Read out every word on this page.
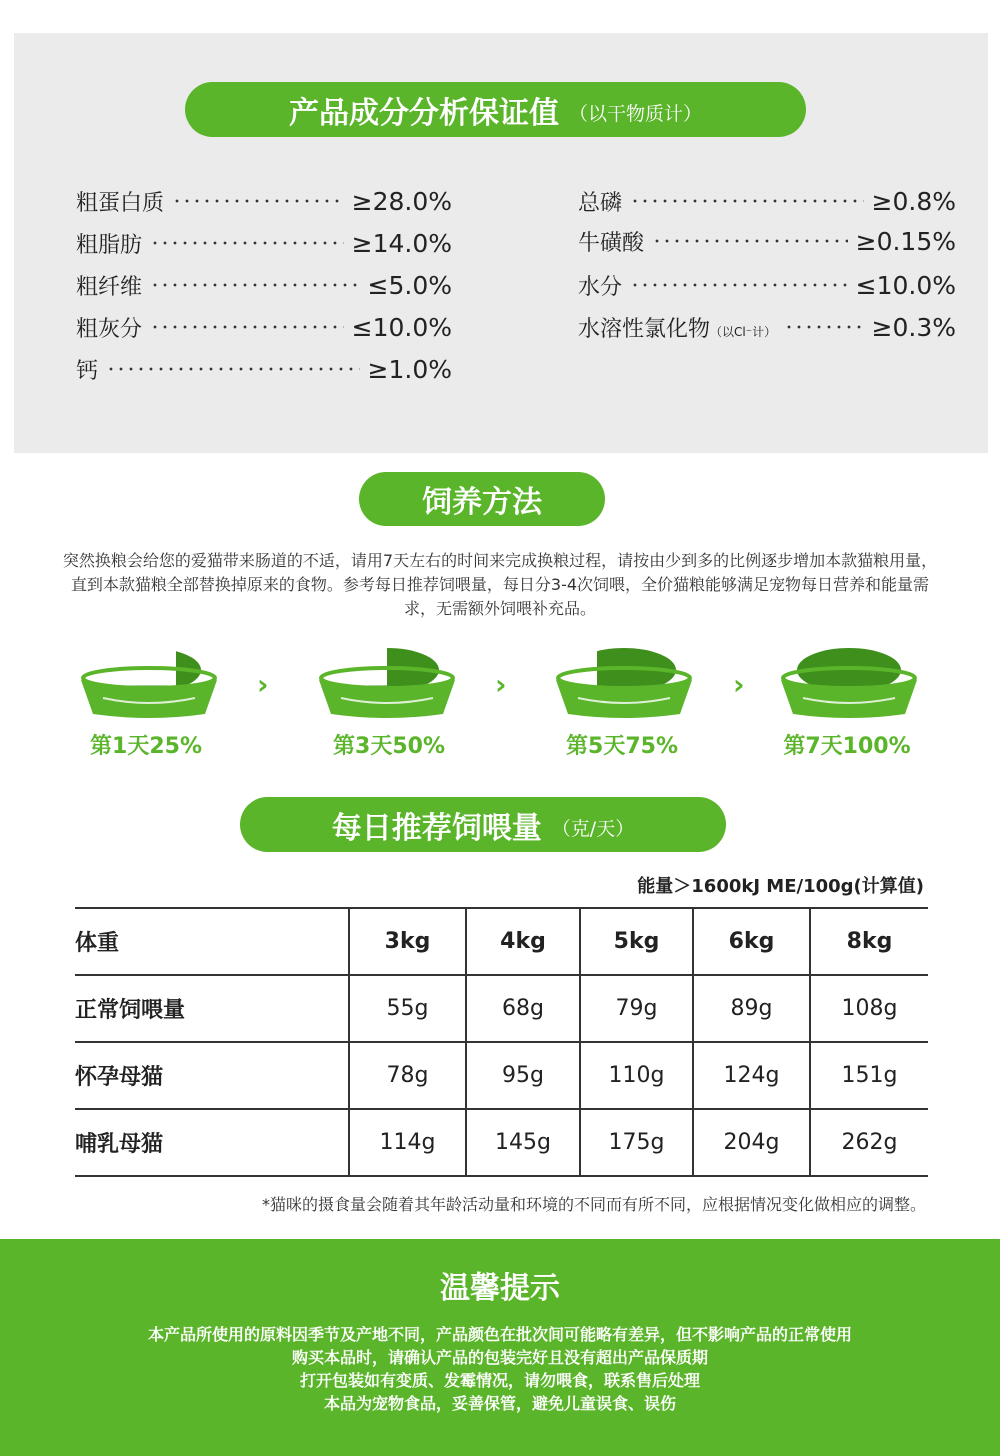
产品成分分析保证值 （以干物质计）
粗蛋白质	≥28.0%
粗脂肪	≥14.0%
粗纤维	≤5.0%
粗灰分	≤10.0%
钙	≥1.0%
总磷	≥0.8%
牛磺酸	≥0.15%
水分	≤10.0%
水溶性氯化物（以Cl⁻计）	≥0.3%
饲养方法
突然换粮会给您的爱猫带来肠道的不适，请用7天左右的时间来完成换粮过程，请按由少到多的比例逐步增加本款猫粮用量，直到本款猫粮全部替换掉原来的食物。参考每日推荐饲喂量，每日分3-4次饲喂，全价猫粮能够满足宠物每日营养和能量需求，无需额外饲喂补充品。
›	›	›
第1天25%	第3天50%	第5天75%	第7天100%
每日推荐饲喂量 （克/天）
能量＞1600kJ ME/100g(计算值)
体重	3kg	4kg	5kg	6kg	8kg
正常饲喂量	55g	68g	79g	89g	108g
怀孕母猫	78g	95g	110g	124g	151g
哺乳母猫	114g	145g	175g	204g	262g
*猫咪的摄食量会随着其年龄活动量和环境的不同而有所不同，应根据情况变化做相应的调整。
温馨提示
本产品所使用的原料因季节及产地不同，产品颜色在批次间可能略有差异，但不影响产品的正常使用
购买本品时，请确认产品的包装完好且没有超出产品保质期
打开包装如有变质、发霉情况，请勿喂食，联系售后处理
本品为宠物食品，妥善保管，避免儿童误食、误伤
